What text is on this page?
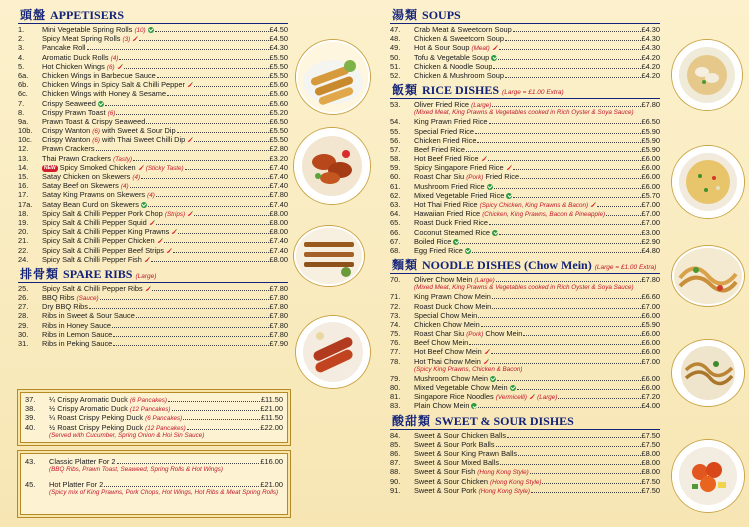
頭盤 APPETISERS
1.	Mini Vegetable Spring Rolls (10)	£4.50
2.	Spicy Meat Spring Rolls (3)	£4.50
3.	Pancake Roll	£4.30
4.	Aromatic Duck Rolls (4)	£5.50
5.	Hot Chicken Wings (6)	£5.50
6a.	Chicken Wings in Barbecue Sauce	£5.50
6b.	Chicken Wings in Spicy Salt & Chilli Pepper	£5.60
6c.	Chicken Wings with Honey & Sesame	£5.60
7.	Crispy Seaweed	£5.60
8.	Crispy Prawn Toast (6)	£5.20
9a.	Prawn Toast & Crispy Seaweed	£6.50
10b.	Crispy Wanton (6) with Sweet & Sour Dip	£5.50
10c.	Crispy Wanton (6) with Thai Sweet Chilli Dip	£5.50
12.	Prawn Crackers	£2.80
13.	Thai Prawn Crackers (Tasty)	£3.20
14.	NEW Spicy Smoked Chicken (Sticky Taste)	£7.40
15.	Satay Chicken on Skewers (4)	£7.40
16.	Satay Beef on Skewers (4)	£7.40
17.	Satay King Prawns on Skewers (4)	£7.80
17a.	Satay Bean Curd on Skewers	£7.40
18.	Spicy Salt & Chilli Pepper Pork Chop (Strips)	£8.00
19.	Spicy Salt & Chilli Pepper Squid	£8.00
20.	Spicy Salt & Chilli Pepper King Prawns	£8.00
21.	Spicy Salt & Chilli Pepper Chicken	£7.40
22.	Spicy Salt & Chilli Pepper Beef Strips	£7.40
24.	Spicy Salt & Chilli Pepper Fish	£8.00
排骨類 SPARE RIBS (Large)
25.	Spicy Salt & Chilli Pepper Ribs	£7.80
26.	BBQ Ribs (Sauce)	£7.80
27.	Dry BBQ Ribs	£7.80
28.	Ribs in Sweet & Sour Sauce	£7.80
29.	Ribs in Honey Sauce	£7.80
30.	Ribs in Lemon Sauce	£7.80
31.	Ribs in Peking Sauce	£7.90
37.	¼ Crispy Aromatic Duck (6 Pancakes)	£11.50
38.	½ Crispy Aromatic Duck (12 Pancakes)	£21.00
39.	¼ Roast Crispy Peking Duck (6 Pancakes)	£11.50
40.	½ Roast Crispy Peking Duck (12 Pancakes)	£22.00
(Served with Cucumber, Spring Onion & Hoi Sin Sauce)
43.	Classic Platter For 2	£16.00
(BBQ Ribs, Prawn Toast, Seaweed, Spring Rolls & Hot Wings)
45.	Hot Platter For 2	£21.00
(Spicy mix of King Prawns, Pork Chops, Hot Wings, Hot Ribs & Meat Spring Rolls)
湯類 SOUPS
47.	Crab Meat & Sweetcorn Soup	£4.30
48.	Chicken & Sweetcorn Soup	£4.30
49.	Hot & Sour Soup (Meat)	£4.30
50.	Tofu & Vegetable Soup	£4.20
51.	Chicken & Noodle Soup	£4.20
52.	Chicken & Mushroom Soup	£4.20
飯類 RICE DISHES (Large = £1.00 Extra)
53.	Oliver Fried Rice (Large)	£7.80
(Mixed Meat, King Prawns & Vegetables cooked in Rich Oyster & Soya Sauce)
54.	King Prawn Fried Rice	£6.50
55.	Special Fried Rice	£5.90
56.	Chicken Fried Rice	£5.90
57.	Beef Fried Rice	£5.90
58.	Hot Beef Fried Rice	£6.00
59.	Spicy Singapore Fried Rice	£6.00
60.	Roast Char Siu (Pork) Fried Rice	£6.00
61.	Mushroom Fried Rice	£6.00
62.	Mixed Vegetable Fried Rice	£5.70
63.	Hot Thai Fried Rice (Spicy Chicken, King Prawns & Bacon)	£7.00
64.	Hawaiian Fried Rice (Chicken, King Prawns, Bacon & Pineapple)	£7.00
65.	Roast Duck Fried Rice	£7.00
66.	Coconut Steamed Rice	£3.00
67.	Boiled Rice	£2.90
68.	Egg Fried Rice	£4.80
麵類 NOODLE DISHES (Chow Mein) (Large = £1.00 Extra)
70.	Oliver Chow Mein (Large)	£7.80
(Mixed Meat, King Prawns & Vegetables cooked in Rich Oyster & Soya Sauce)
71.	King Prawn Chow Mein	£6.60
72.	Roast Duck Chow Mein	£7.00
73.	Special Chow Mein	£6.00
74.	Chicken Chow Mein	£5.90
75.	Roast Char Siu (Pork) Chow Mein	£6.00
76.	Beef Chow Mein	£6.00
77.	Hot Beef Chow Mein	£6.00
78.	Hot Thai Chow Mein	£7.00
(Spicy King Prawns, Chicken & Bacon)
79.	Mushroom Chow Mein	£6.00
80.	Mixed Vegetable Chow Mein	£6.00
81.	Singapore Rice Noodles (Vermicelli) (Large)	£7.20
83.	Plain Chow Mein	£4.00
酸甜類 SWEET & SOUR DISHES
84.	Sweet & Sour Chicken Balls	£7.50
85.	Sweet & Sour Pork Balls	£7.50
86.	Sweet & Sour King Prawn Balls	£8.00
87.	Sweet & Sour Mixed Balls	£8.00
88.	Sweet & Sour Fish (Hong Kong Style)	£8.00
90.	Sweet & Sour Chicken (Hong Kong Style)	£7.50
91.	Sweet & Sour Pork (Hong Kong Style)	£7.50
